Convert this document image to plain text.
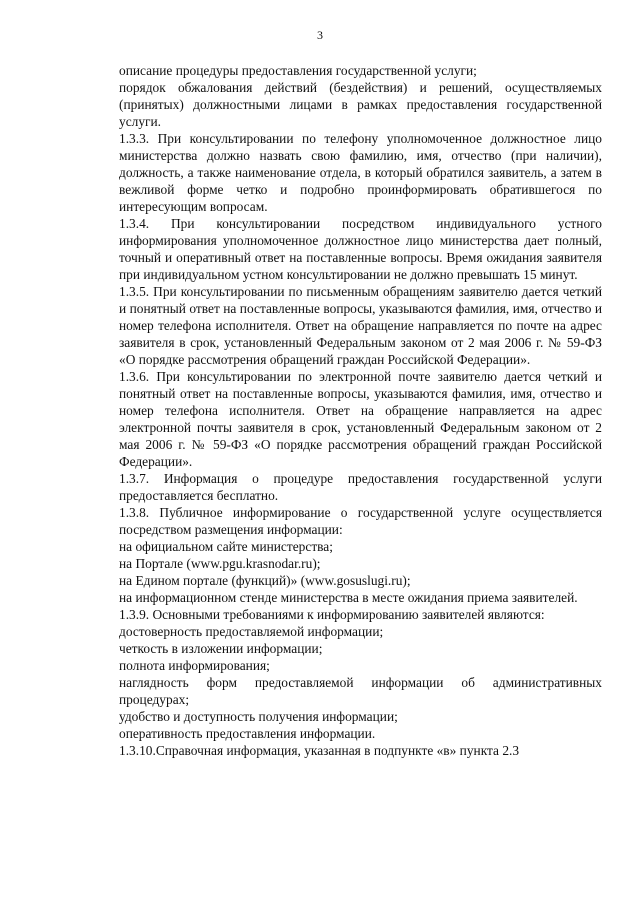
3

описание процедуры предоставления государственной услуги;

порядок обжалования действий (бездействия) и решений, осуществляемых (принятых) должностными лицами в рамках предоставления государственной услуги.

1.3.3. При консультировании по телефону уполномоченное должностное лицо министерства должно назвать свою фамилию, имя, отчество (при наличии), должность, а также наименование отдела, в который обратился заявитель, а затем в вежливой форме четко и подробно проинформировать обратившегося по интересующим вопросам.

1.3.4. При консультировании посредством индивидуального устного информирования уполномоченное должностное лицо министерства дает полный, точный и оперативный ответ на поставленные вопросы. Время ожидания заявителя при индивидуальном устном консультировании не должно превышать 15 минут.

1.3.5. При консультировании по письменным обращениям заявителю дается четкий и понятный ответ на поставленные вопросы, указываются фамилия, имя, отчество и номер телефона исполнителя. Ответ на обращение направляется по почте на адрес заявителя в срок, установленный Федеральным законом от 2 мая 2006 г. № 59-ФЗ «О порядке рассмотрения обращений граждан Российской Федерации».

1.3.6. При консультировании по электронной почте заявителю дается четкий и понятный ответ на поставленные вопросы, указываются фамилия, имя, отчество и номер телефона исполнителя. Ответ на обращение направляется на адрес электронной почты заявителя в срок, установленный Федеральным законом от 2 мая 2006 г. № 59-ФЗ «О порядке рассмотрения обращений граждан Российской Федерации».

1.3.7. Информация о процедуре предоставления государственной услуги предоставляется бесплатно.

1.3.8. Публичное информирование о государственной услуге осуществляется посредством размещения информации:

на официальном сайте министерства;

на Портале (www.pgu.krasnodar.ru);

на Едином портале (функций)» (www.gosuslugi.ru);

на информационном стенде министерства в месте ожидания приема заявителей.

1.3.9. Основными требованиями к информированию заявителей являются:

достоверность предоставляемой информации;

четкость в изложении информации;

полнота информирования;

наглядность форм предоставляемой информации об административных процедурах;

удобство и доступность получения информации;

оперативность предоставления информации.

1.3.10.Справочная информация, указанная в подпункте «в» пункта 2.3
